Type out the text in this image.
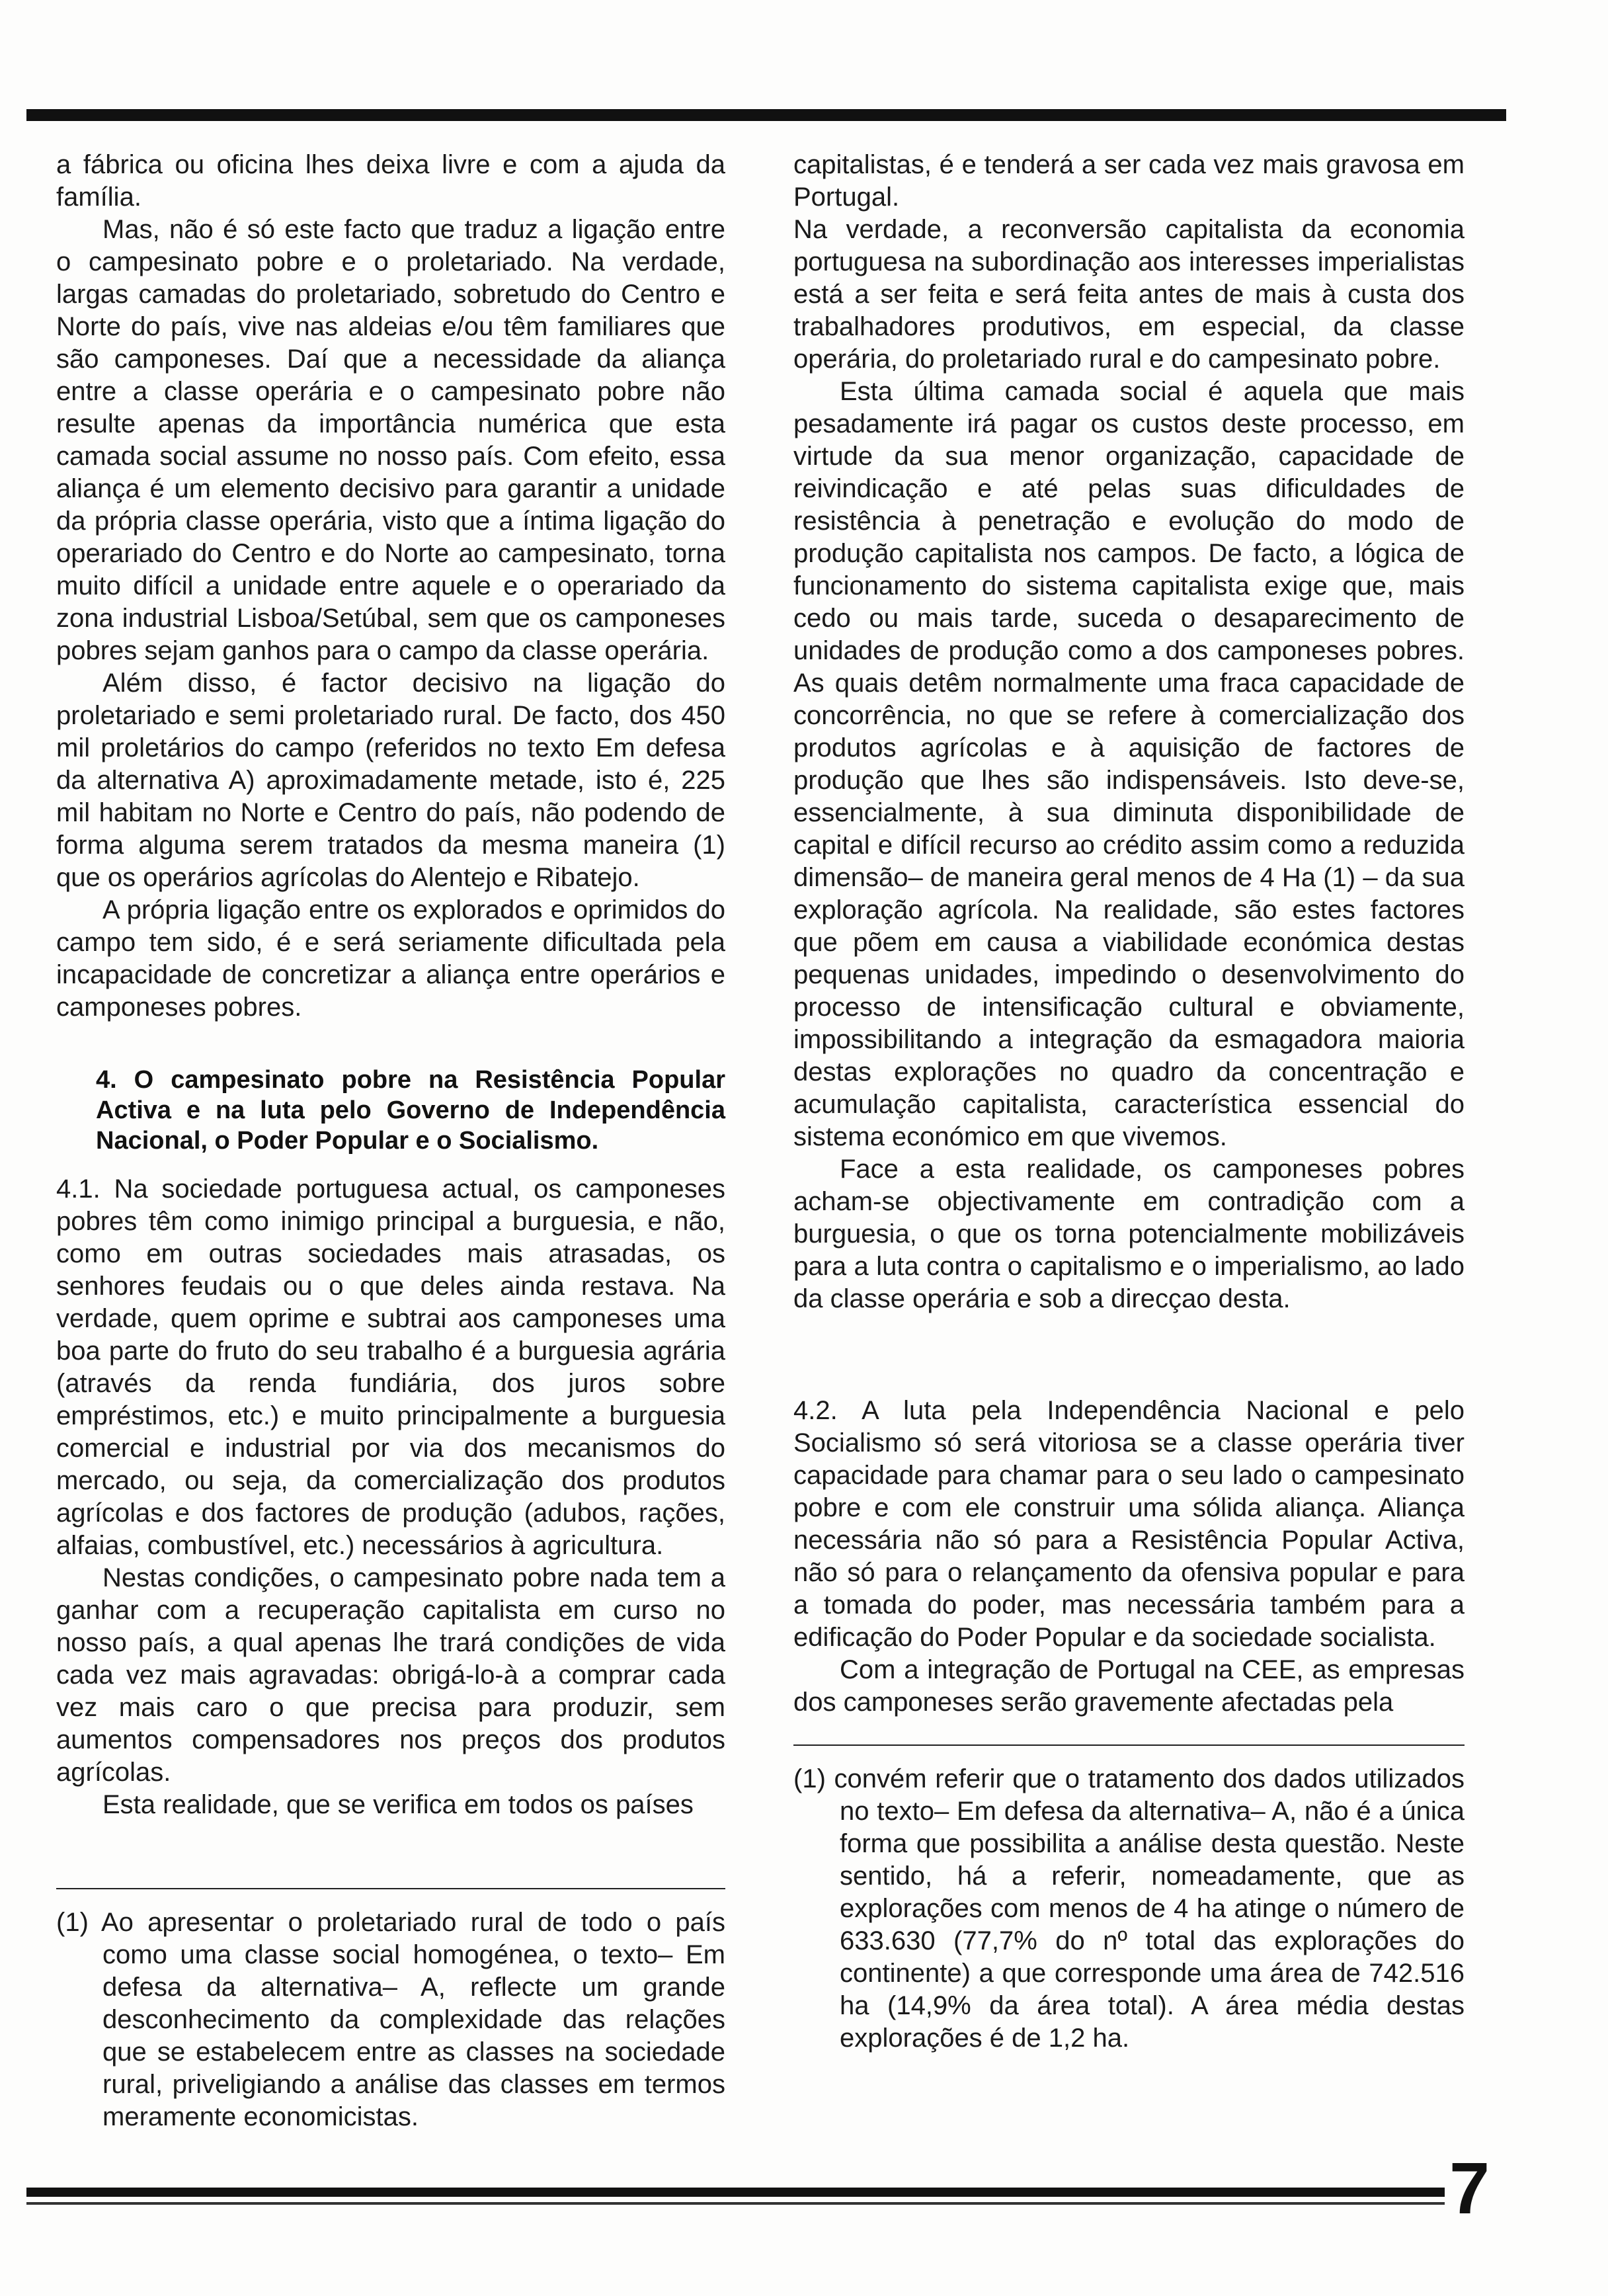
a fábrica ou oficina lhes deixa livre e com a ajuda da família.

Mas, não é só este facto que traduz a ligação entre o campesinato pobre e o proletariado. Na verdade, largas camadas do proletariado, sobretudo do Centro e Norte do país, vive nas aldeias e/ou têm familiares que são camponeses. Daí que a necessidade da aliança entre a classe operária e o campesinato pobre não resulte apenas da importância numérica que esta camada social assume no nosso país. Com efeito, essa aliança é um elemento decisivo para garantir a unidade da própria classe operária, visto que a íntima ligação do operariado do Centro e do Norte ao campesinato, torna muito difícil a unidade entre aquele e o operariado da zona industrial Lisboa/Setúbal, sem que os camponeses pobres sejam ganhos para o campo da classe operária.

Além disso, é factor decisivo na ligação do proletariado e semi proletariado rural. De facto, dos 450 mil proletários do campo (referidos no texto Em defesa da alternativa A) aproximadamente metade, isto é, 225 mil habitam no Norte e Centro do país, não podendo de forma alguma serem tratados da mesma maneira (1) que os operários agrícolas do Alentejo e Ribatejo.

A própria ligação entre os explorados e oprimidos do campo tem sido, é e será seriamente dificultada pela incapacidade de concretizar a aliança entre operários e camponeses pobres.

4. O campesinato pobre na Resistência Popular Activa e na luta pelo Governo de Independência Nacional, o Poder Popular e o Socialismo.

4.1. Na sociedade portuguesa actual, os camponeses pobres têm como inimigo principal a burguesia, e não, como em outras sociedades mais atrasadas, os senhores feudais ou o que deles ainda restava. Na verdade, quem oprime e subtrai aos camponeses uma boa parte do fruto do seu trabalho é a burguesia agrária (através da renda fundiária, dos juros sobre empréstimos, etc.) e muito principalmente a burguesia comercial e industrial por via dos mecanismos do mercado, ou seja, da comercialização dos produtos agrícolas e dos factores de produção (adubos, rações, alfaias, combustível, etc.) necessários à agricultura.

Nestas condições, o campesinato pobre nada tem a ganhar com a recuperação capitalista em curso no nosso país, a qual apenas lhe trará condições de vida cada vez mais agravadas: obrigá-lo-à a comprar cada vez mais caro o que precisa para produzir, sem aumentos compensadores nos preços dos produtos agrícolas.

Esta realidade, que se verifica em todos os países

(1) Ao apresentar o proletariado rural de todo o país como uma classe social homogénea, o texto– Em defesa da alternativa– A, reflecte um grande desconhecimento da complexidade das relações que se estabelecem entre as classes na sociedade rural, priveligiando a análise das classes em termos meramente economicistas.

capitalistas, é e tenderá a ser cada vez mais gravosa em Portugal.

Na verdade, a reconversão capitalista da economia portuguesa na subordinação aos interesses imperialistas está a ser feita e será feita antes de mais à custa dos trabalhadores produtivos, em especial, da classe operária, do proletariado rural e do campesinato pobre.

Esta última camada social é aquela que mais pesadamente irá pagar os custos deste processo, em virtude da sua menor organização, capacidade de reivindicação e até pelas suas dificuldades de resistência à penetração e evolução do modo de produção capitalista nos campos. De facto, a lógica de funcionamento do sistema capitalista exige que, mais cedo ou mais tarde, suceda o desaparecimento de unidades de produção como a dos camponeses pobres. As quais detêm normalmente uma fraca capacidade de concorrência, no que se refere à comercialização dos produtos agrícolas e à aquisição de factores de produção que lhes são indispensáveis. Isto deve-se, essencialmente, à sua diminuta disponibilidade de capital e difícil recurso ao crédito assim como a reduzida dimensão– de maneira geral menos de 4 Ha (1) – da sua exploração agrícola. Na realidade, são estes factores que põem em causa a viabilidade económica destas pequenas unidades, impedindo o desenvolvimento do processo de intensificação cultural e obviamente, impossibilitando a integração da esmagadora maioria destas explorações no quadro da concentração e acumulação capitalista, característica essencial do sistema económico em que vivemos.

Face a esta realidade, os camponeses pobres acham-se objectivamente em contradição com a burguesia, o que os torna potencialmente mobilizáveis para a luta contra o capitalismo e o imperialismo, ao lado da classe operária e sob a direcçao desta.

4.2. A luta pela Independência Nacional e pelo Socialismo só será vitoriosa se a classe operária tiver capacidade para chamar para o seu lado o campesinato pobre e com ele construir uma sólida aliança. Aliança necessária não só para a Resistência Popular Activa, não só para o relançamento da ofensiva popular e para a tomada do poder, mas necessária também para a edificação do Poder Popular e da sociedade socialista.

Com a integração de Portugal na CEE, as empresas dos camponeses serão gravemente afectadas pela

(1) convém referir que o tratamento dos dados utilizados no texto– Em defesa da alternativa– A, não é a única forma que possibilita a análise desta questão. Neste sentido, há a referir, nomeadamente, que as explorações com menos de 4 ha atinge o número de 633.630 (77,7% do nº total das explorações do continente) a que corresponde uma área de 742.516 ha (14,9% da área total). A área média destas explorações é de 1,2 ha.

7
